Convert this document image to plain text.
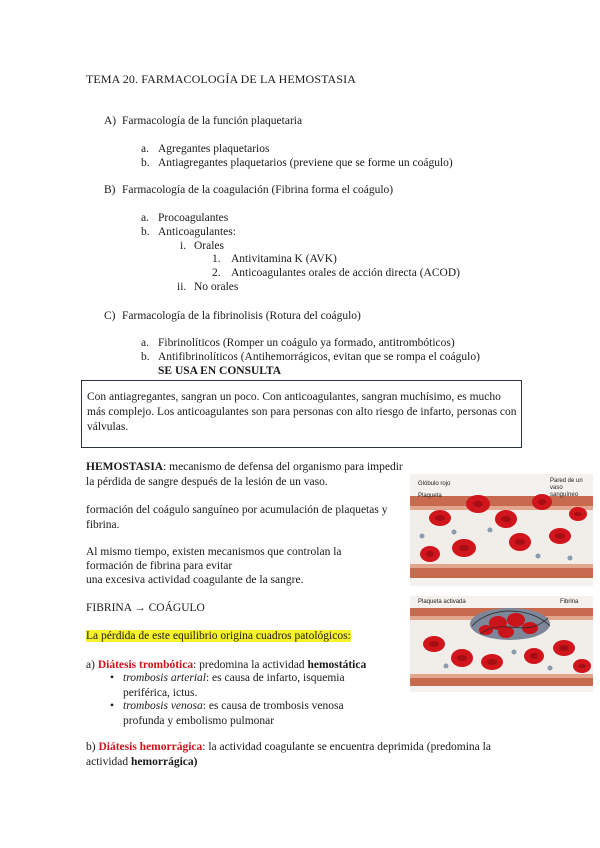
TEMA 20. FARMACOLOGÍA DE LA HEMOSTASIA
A) Farmacología de la función plaquetaria
a. Agregantes plaquetarios
b. Antiagregantes plaquetarios (previene que se forme un coágulo)
B) Farmacología de la coagulación (Fibrina forma el coágulo)
a. Procoagulantes
b. Anticoagulantes:
i. Orales
1. Antivitamina K (AVK)
2. Anticoagulantes orales de acción directa (ACOD)
ii. No orales
C) Farmacología de la fibrinolisis (Rotura del coágulo)
a. Fibrinolíticos (Romper un coágulo ya formado, antitrombóticos)
b. Antifibrinolíticos (Antihemorrágicos, evitan que se rompa el coágulo)
SE USA EN CONSULTA
Con antiagregantes, sangran un poco. Con anticoagulantes, sangran muchísimo, es mucho más complejo. Los anticoagulantes son para personas con alto riesgo de infarto, personas con válvulas.
HEMOSTASIA: mecanismo de defensa del organismo para impedir la pérdida de sangre después de la lesión de un vaso.
formación del coágulo sanguíneo por acumulación de plaquetas y fibrina.
Al mismo tiempo, existen mecanismos que controlan la
formación de fibrina para evitar
una excesiva actividad coagulante de la sangre.
FIBRINA → COÁGULO
La pérdida de este equilibrio origina cuadros patológicos:
a) Diátesis trombótica: predomina la actividad hemostática
• trombosis arterial: es causa de infarto, isquemia periférica, ictus.
• trombosis venosa: es causa de trombosis venosa profunda y embolismo pulmonar
b) Diátesis hemorrágica: la actividad coagulante se encuentra deprimida (predomina la actividad hemorrágica)
Glóbulo rojo
Plaqueta
Pared de un vaso sanguíneo
Plaqueta activada	Fibrina
